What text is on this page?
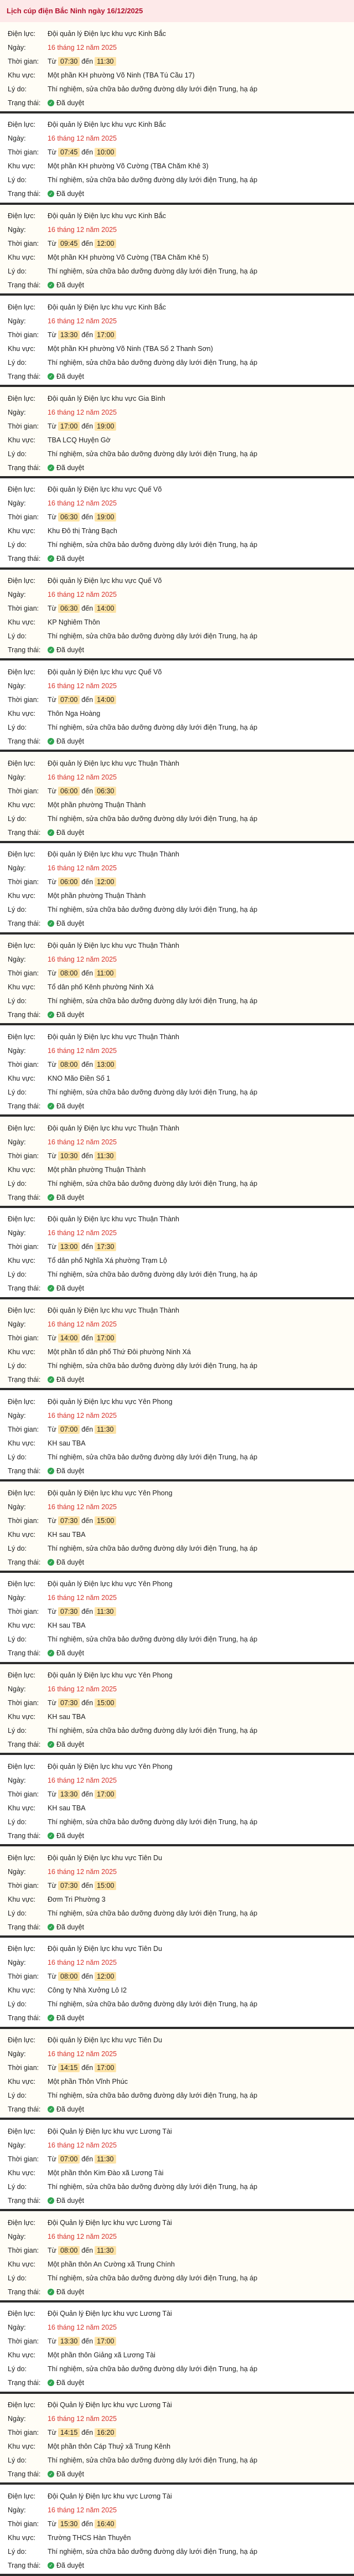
Lịch cúp điện Bắc Ninh ngày 16/12/2025
Điện lực:	Đội quản lý Điện lực khu vực Kinh Bắc
Ngày:	16 tháng 12 năm 2025
Thời gian:	Từ 07:30 đến 11:30
Khu vực:	Một phần KH phường Võ Ninh (TBA Tú Cầu 17)
Lý do:	Thí nghiệm, sửa chữa bảo dưỡng đường dây lưới điện Trung, hạ áp
Trạng thái:	✓ Đã duyệt
Điện lực:	Đội quản lý Điện lực khu vực Kinh Bắc
Ngày:	16 tháng 12 năm 2025
Thời gian:	Từ 07:45 đến 10:00
Khu vực:	Một phần KH phường Võ Cường (TBA Chăm Khê 3)
Lý do:	Thí nghiệm, sửa chữa bảo dưỡng đường dây lưới điện Trung, hạ áp
Trạng thái:	✓ Đã duyệt
Điện lực:	Đội quản lý Điện lực khu vực Kinh Bắc
Ngày:	16 tháng 12 năm 2025
Thời gian:	Từ 09:45 đến 12:00
Khu vực:	Một phần KH phường Võ Cường (TBA Chăm Khê 5)
Lý do:	Thí nghiệm, sửa chữa bảo dưỡng đường dây lưới điện Trung, hạ áp
Trạng thái:	✓ Đã duyệt
Điện lực:	Đội quản lý Điện lực khu vực Kinh Bắc
Ngày:	16 tháng 12 năm 2025
Thời gian:	Từ 13:30 đến 17:00
Khu vực:	Một phần KH phường Võ Ninh (TBA Số 2 Thanh Sơn)
Lý do:	Thí nghiệm, sửa chữa bảo dưỡng đường dây lưới điện Trung, hạ áp
Trạng thái:	✓ Đã duyệt
Điện lực:	Đội quản lý Điện lực khu vực Gia Bình
Ngày:	16 tháng 12 năm 2025
Thời gian:	Từ 17:00 đến 19:00
Khu vực:	TBA LCQ Huyện Gờ
Lý do:	Thí nghiệm, sửa chữa bảo dưỡng đường dây lưới điện Trung, hạ áp
Trạng thái:	✓ Đã duyệt
Điện lực:	Đội quản lý Điện lực khu vực Quế Võ
Ngày:	16 tháng 12 năm 2025
Thời gian:	Từ 06:30 đến 19:00
Khu vực:	Khu Đô thị Tràng Bạch
Lý do:	Thí nghiệm, sửa chữa bảo dưỡng đường dây lưới điện Trung, hạ áp
Trạng thái:	✓ Đã duyệt
Điện lực:	Đội quản lý Điện lực khu vực Quế Võ
Ngày:	16 tháng 12 năm 2025
Thời gian:	Từ 06:30 đến 14:00
Khu vực:	KP Nghiêm Thôn
Lý do:	Thí nghiệm, sửa chữa bảo dưỡng đường dây lưới điện Trung, hạ áp
Trạng thái:	✓ Đã duyệt
Điện lực:	Đội quản lý Điện lực khu vực Quế Võ
Ngày:	16 tháng 12 năm 2025
Thời gian:	Từ 07:00 đến 14:00
Khu vực:	Thôn Nga Hoàng
Lý do:	Thí nghiệm, sửa chữa bảo dưỡng đường dây lưới điện Trung, hạ áp
Trạng thái:	✓ Đã duyệt
Điện lực:	Đội quản lý Điện lực khu vực Thuận Thành
Ngày:	16 tháng 12 năm 2025
Thời gian:	Từ 06:00 đến 06:30
Khu vực:	Một phần phường Thuận Thành
Lý do:	Thí nghiệm, sửa chữa bảo dưỡng đường dây lưới điện Trung, hạ áp
Trạng thái:	✓ Đã duyệt
Điện lực:	Đội quản lý Điện lực khu vực Thuận Thành
Ngày:	16 tháng 12 năm 2025
Thời gian:	Từ 06:00 đến 12:00
Khu vực:	Một phần phường Thuận Thành
Lý do:	Thí nghiệm, sửa chữa bảo dưỡng đường dây lưới điện Trung, hạ áp
Trạng thái:	✓ Đã duyệt
Điện lực:	Đội quản lý Điện lực khu vực Thuận Thành
Ngày:	16 tháng 12 năm 2025
Thời gian:	Từ 08:00 đến 11:00
Khu vực:	Tổ dân phố Kênh phường Ninh Xá
Lý do:	Thí nghiệm, sửa chữa bảo dưỡng đường dây lưới điện Trung, hạ áp
Trạng thái:	✓ Đã duyệt
Điện lực:	Đội quản lý Điện lực khu vực Thuận Thành
Ngày:	16 tháng 12 năm 2025
Thời gian:	Từ 08:00 đến 13:00
Khu vực:	KNO Mão Điền Số 1
Lý do:	Thí nghiệm, sửa chữa bảo dưỡng đường dây lưới điện Trung, hạ áp
Trạng thái:	✓ Đã duyệt
Điện lực:	Đội quản lý Điện lực khu vực Thuận Thành
Ngày:	16 tháng 12 năm 2025
Thời gian:	Từ 10:30 đến 11:30
Khu vực:	Một phần phường Thuận Thành
Lý do:	Thí nghiệm, sửa chữa bảo dưỡng đường dây lưới điện Trung, hạ áp
Trạng thái:	✓ Đã duyệt
Điện lực:	Đội quản lý Điện lực khu vực Thuận Thành
Ngày:	16 tháng 12 năm 2025
Thời gian:	Từ 13:00 đến 17:30
Khu vực:	Tổ dân phố Nghĩa Xá phường Trạm Lộ
Lý do:	Thí nghiệm, sửa chữa bảo dưỡng đường dây lưới điện Trung, hạ áp
Trạng thái:	✓ Đã duyệt
Điện lực:	Đội quản lý Điện lực khu vực Thuận Thành
Ngày:	16 tháng 12 năm 2025
Thời gian:	Từ 14:00 đến 17:00
Khu vực:	Một phần tổ dân phố Thứ Đôi phường Ninh Xá
Lý do:	Thí nghiệm, sửa chữa bảo dưỡng đường dây lưới điện Trung, hạ áp
Trạng thái:	✓ Đã duyệt
Điện lực:	Đội quản lý Điện lực khu vực Yên Phong
Ngày:	16 tháng 12 năm 2025
Thời gian:	Từ 07:00 đến 11:30
Khu vực:	KH sau TBA
Lý do:	Thí nghiệm, sửa chữa bảo dưỡng đường dây lưới điện Trung, hạ áp
Trạng thái:	✓ Đã duyệt
Điện lực:	Đội quản lý Điện lực khu vực Yên Phong
Ngày:	16 tháng 12 năm 2025
Thời gian:	Từ 07:30 đến 15:00
Khu vực:	KH sau TBA
Lý do:	Thí nghiệm, sửa chữa bảo dưỡng đường dây lưới điện Trung, hạ áp
Trạng thái:	✓ Đã duyệt
Điện lực:	Đội quản lý Điện lực khu vực Yên Phong
Ngày:	16 tháng 12 năm 2025
Thời gian:	Từ 07:30 đến 11:30
Khu vực:	KH sau TBA
Lý do:	Thí nghiệm, sửa chữa bảo dưỡng đường dây lưới điện Trung, hạ áp
Trạng thái:	✓ Đã duyệt
Điện lực:	Đội quản lý Điện lực khu vực Yên Phong
Ngày:	16 tháng 12 năm 2025
Thời gian:	Từ 07:30 đến 15:00
Khu vực:	KH sau TBA
Lý do:	Thí nghiệm, sửa chữa bảo dưỡng đường dây lưới điện Trung, hạ áp
Trạng thái:	✓ Đã duyệt
Điện lực:	Đội quản lý Điện lực khu vực Yên Phong
Ngày:	16 tháng 12 năm 2025
Thời gian:	Từ 13:30 đến 17:00
Khu vực:	KH sau TBA
Lý do:	Thí nghiệm, sửa chữa bảo dưỡng đường dây lưới điện Trung, hạ áp
Trạng thái:	✓ Đã duyệt
Điện lực:	Đội quản lý Điện lực khu vực Tiên Du
Ngày:	16 tháng 12 năm 2025
Thời gian:	Từ 07:30 đến 15:00
Khu vực:	Đơm Tri Phường 3
Lý do:	Thí nghiệm, sửa chữa bảo dưỡng đường dây lưới điện Trung, hạ áp
Trạng thái:	✓ Đã duyệt
Điện lực:	Đội quản lý Điện lực khu vực Tiên Du
Ngày:	16 tháng 12 năm 2025
Thời gian:	Từ 08:00 đến 12:00
Khu vực:	Công ty Nhà Xưởng Lô I2
Lý do:	Thí nghiệm, sửa chữa bảo dưỡng đường dây lưới điện Trung, hạ áp
Trạng thái:	✓ Đã duyệt
Điện lực:	Đội quản lý Điện lực khu vực Tiên Du
Ngày:	16 tháng 12 năm 2025
Thời gian:	Từ 14:15 đến 17:00
Khu vực:	Một phần Thôn Vĩnh Phúc
Lý do:	Thí nghiệm, sửa chữa bảo dưỡng đường dây lưới điện Trung, hạ áp
Trạng thái:	✓ Đã duyệt
Điện lực:	Đội Quản lý Điện lực khu vực Lương Tài
Ngày:	16 tháng 12 năm 2025
Thời gian:	Từ 07:00 đến 11:30
Khu vực:	Một phần thôn Kim Đào xã Lương Tài
Lý do:	Thí nghiệm, sửa chữa bảo dưỡng đường dây lưới điện Trung, hạ áp
Trạng thái:	✓ Đã duyệt
Điện lực:	Đội Quản lý Điện lực khu vực Lương Tài
Ngày:	16 tháng 12 năm 2025
Thời gian:	Từ 08:00 đến 11:30
Khu vực:	Một phần thôn An Cường xã Trung Chính
Lý do:	Thí nghiệm, sửa chữa bảo dưỡng đường dây lưới điện Trung, hạ áp
Trạng thái:	✓ Đã duyệt
Điện lực:	Đội Quản lý Điện lực khu vực Lương Tài
Ngày:	16 tháng 12 năm 2025
Thời gian:	Từ 13:30 đến 17:00
Khu vực:	Một phần thôn Giảng xã Lương Tài
Lý do:	Thí nghiệm, sửa chữa bảo dưỡng đường dây lưới điện Trung, hạ áp
Trạng thái:	✓ Đã duyệt
Điện lực:	Đội Quản lý Điện lực khu vực Lương Tài
Ngày:	16 tháng 12 năm 2025
Thời gian:	Từ 14:15 đến 16:20
Khu vực:	Một phần thôn Cáp Thuỷ xã Trung Kênh
Lý do:	Thí nghiệm, sửa chữa bảo dưỡng đường dây lưới điện Trung, hạ áp
Trạng thái:	✓ Đã duyệt
Điện lực:	Đội Quản lý Điện lực khu vực Lương Tài
Ngày:	16 tháng 12 năm 2025
Thời gian:	Từ 15:30 đến 16:40
Khu vực:	Trường THCS Hàn Thuyên
Lý do:	Thí nghiệm, sửa chữa bảo dưỡng đường dây lưới điện Trung, hạ áp
Trạng thái:	✓ Đã duyệt
